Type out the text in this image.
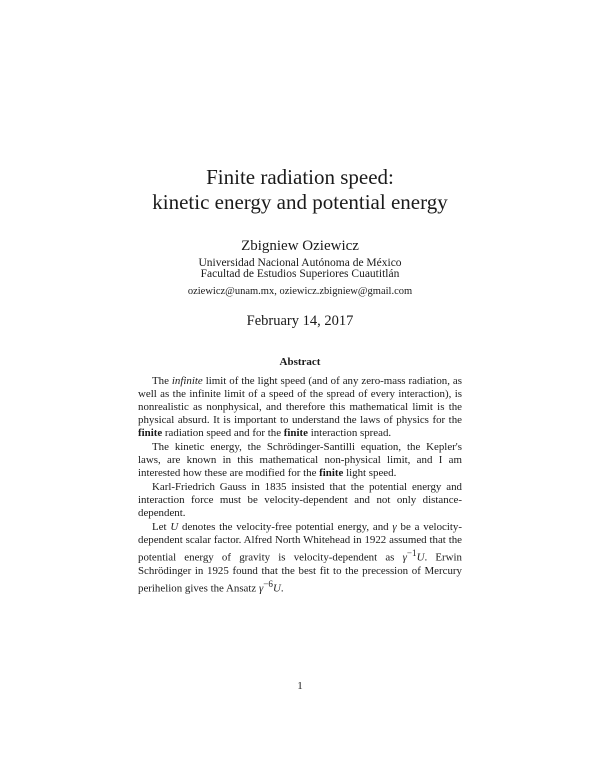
Finite radiation speed:
kinetic energy and potential energy
Zbigniew Oziewicz
Universidad Nacional Autónoma de México
Facultad de Estudios Superiores Cuautitlán
oziewicz@unam.mx, oziewicz.zbigniew@gmail.com
February 14, 2017
Abstract

The infinite limit of the light speed (and of any zero-mass radiation, as well as the infinite limit of a speed of the spread of every interaction), is nonrealistic as nonphysical, and therefore this mathematical limit is the physical absurd. It is important to understand the laws of physics for the finite radiation speed and for the finite interaction spread.

The kinetic energy, the Schrödinger-Santilli equation, the Kepler's laws, are known in this mathematical non-physical limit, and I am interested how these are modified for the finite light speed.

Karl-Friedrich Gauss in 1835 insisted that the potential energy and interaction force must be velocity-dependent and not only distance-dependent.

Let U denotes the velocity-free potential energy, and γ be a velocity-dependent scalar factor. Alfred North Whitehead in 1922 assumed that the potential energy of gravity is velocity-dependent as $\gamma^{-1}U$. Erwin Schrödinger in 1925 found that the best fit to the precession of Mercury perihelion gives the Ansatz $\gamma^{-6}U$.

1
